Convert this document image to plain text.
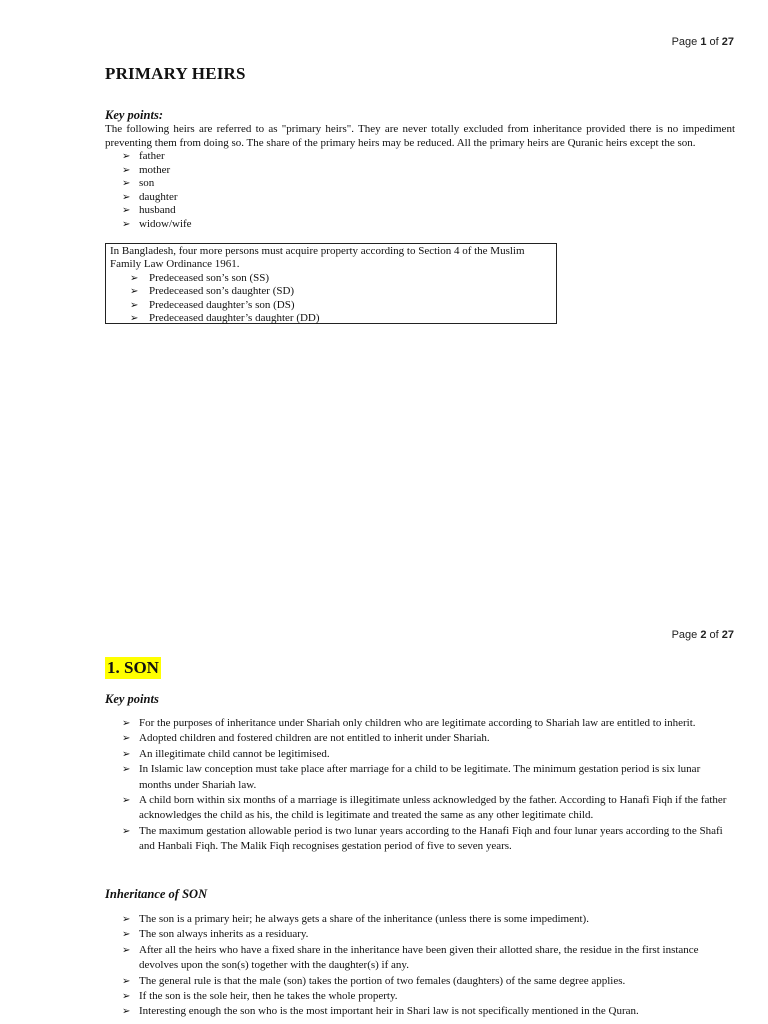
Page 1 of 27
PRIMARY HEIRS
Key points:
The following heirs are referred to as "primary heirs". They are never totally excluded from inheritance provided there is no impediment preventing them from doing so. The share of the primary heirs may be reduced. All the primary heirs are Quranic heirs except the son.
➢ father
➢ mother
➢ son
➢ daughter
➢ husband
➢ widow/wife
In Bangladesh, four more persons must acquire property according to Section 4 of the Muslim Family Law Ordinance 1961.
➢ Predeceased son’s son (SS)
➢ Predeceased son’s daughter (SD)
➢ Predeceased daughter’s son (DS)
➢ Predeceased daughter’s daughter (DD)
Page 2 of 27
1. SON
Key points
➢ For the purposes of inheritance under Shariah only children who are legitimate according to Shariah law are entitled to inherit.
➢ Adopted children and fostered children are not entitled to inherit under Shariah.
➢ An illegitimate child cannot be legitimised.
➢ In Islamic law conception must take place after marriage for a child to be legitimate. The minimum gestation period is six lunar months under Shariah law.
➢ A child born within six months of a marriage is illegitimate unless acknowledged by the father. According to Hanafi Fiqh if the father acknowledges the child as his, the child is legitimate and treated the same as any other legitimate child.
➢ The maximum gestation allowable period is two lunar years according to the Hanafi Fiqh and four lunar years according to the Shafi and Hanbali Fiqh. The Malik Fiqh recognises gestation period of five to seven years.
Inheritance of SON
➢ The son is a primary heir; he always gets a share of the inheritance (unless there is some impediment).
➢ The son always inherits as a residuary.
➢ After all the heirs who have a fixed share in the inheritance have been given their allotted share, the residue in the first instance devolves upon the son(s) together with the daughter(s) if any.
➢ The general rule is that the male (son) takes the portion of two females (daughters) of the same degree applies.
➢ If the son is the sole heir, then he takes the whole property.
➢ Interesting enough the son who is the most important heir in Shari law is not specifically mentioned in the Quran.
